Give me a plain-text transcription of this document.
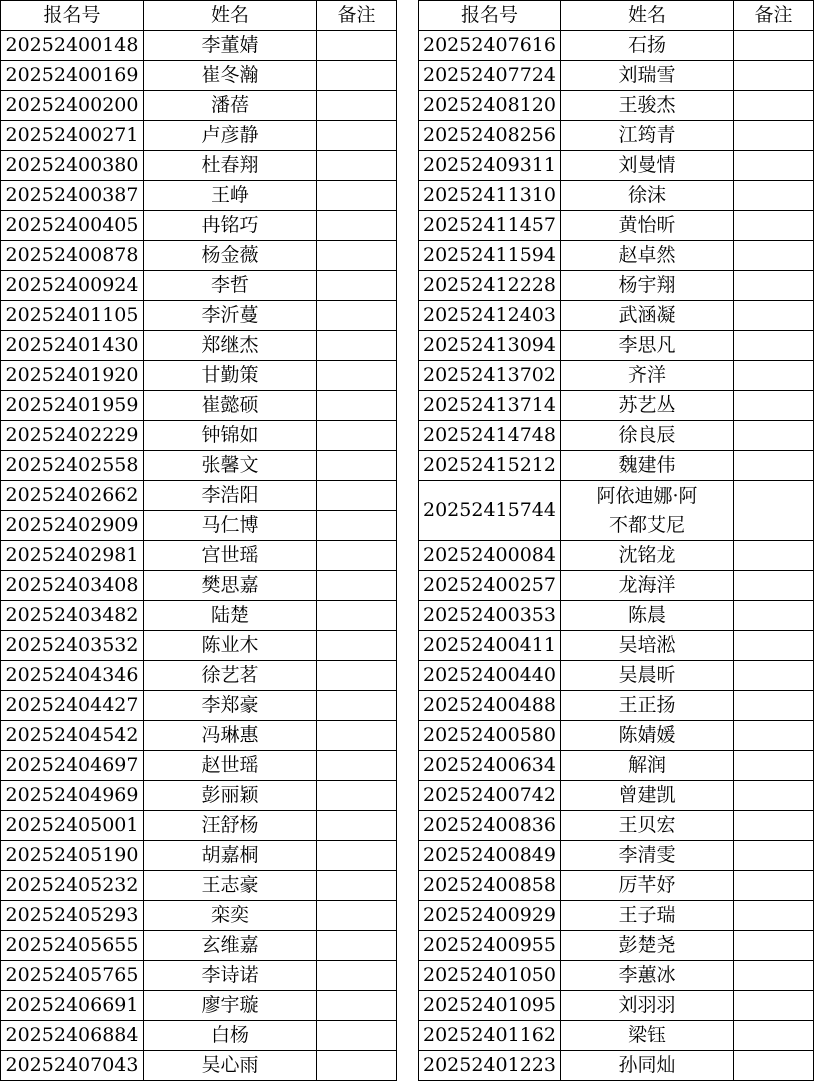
报名号	姓名	备注
20252400148	李董婧	
20252400169	崔冬瀚	
20252400200	潘蓓	
20252400271	卢彦静	
20252400380	杜春翔	
20252400387	王峥	
20252400405	冉铭巧	
20252400878	杨金薇	
20252400924	李哲	
20252401105	李沂蔓	
20252401430	郑继杰	
20252401920	甘勤策	
20252401959	崔懿硕	
20252402229	钟锦如	
20252402558	张馨文	
20252402662	李浩阳	
20252402909	马仁博	
20252402981	宫世瑶	
20252403408	樊思嘉	
20252403482	陆楚	
20252403532	陈业木	
20252404346	徐艺茗	
20252404427	李郑豪	
20252404542	冯琳惠	
20252404697	赵世瑶	
20252404969	彭丽颖	
20252405001	汪舒杨	
20252405190	胡嘉桐	
20252405232	王志豪	
20252405293	栾奕	
20252405655	玄维嘉	
20252405765	李诗诺	
20252406691	廖宇璇	
20252406884	白杨	
20252407043	吴心雨	
报名号	姓名	备注
20252407616	石扬	
20252407724	刘瑞雪	
20252408120	王骏杰	
20252408256	江筠青	
20252409311	刘曼情	
20252411310	徐沫	
20252411457	黄怡昕	
20252411594	赵卓然	
20252412228	杨宇翔	
20252412403	武涵凝	
20252413094	李思凡	
20252413702	齐洋	
20252413714	苏艺丛	
20252414748	徐良辰	
20252415212	魏建伟	
20252415744	阿依迪娜·阿
不都艾尼	

20252400084	沈铭龙	
20252400257	龙海洋	
20252400353	陈晨	
20252400411	吴培淞	
20252400440	吴晨昕	
20252400488	王正扬	
20252400580	陈婧媛	
20252400634	解润	
20252400742	曾建凯	
20252400836	王贝宏	
20252400849	李清雯	
20252400858	厉芊妤	
20252400929	王子瑞	
20252400955	彭楚尧	
20252401050	李蕙冰	
20252401095	刘羽羽	
20252401162	梁钰	
20252401223	孙同灿	
